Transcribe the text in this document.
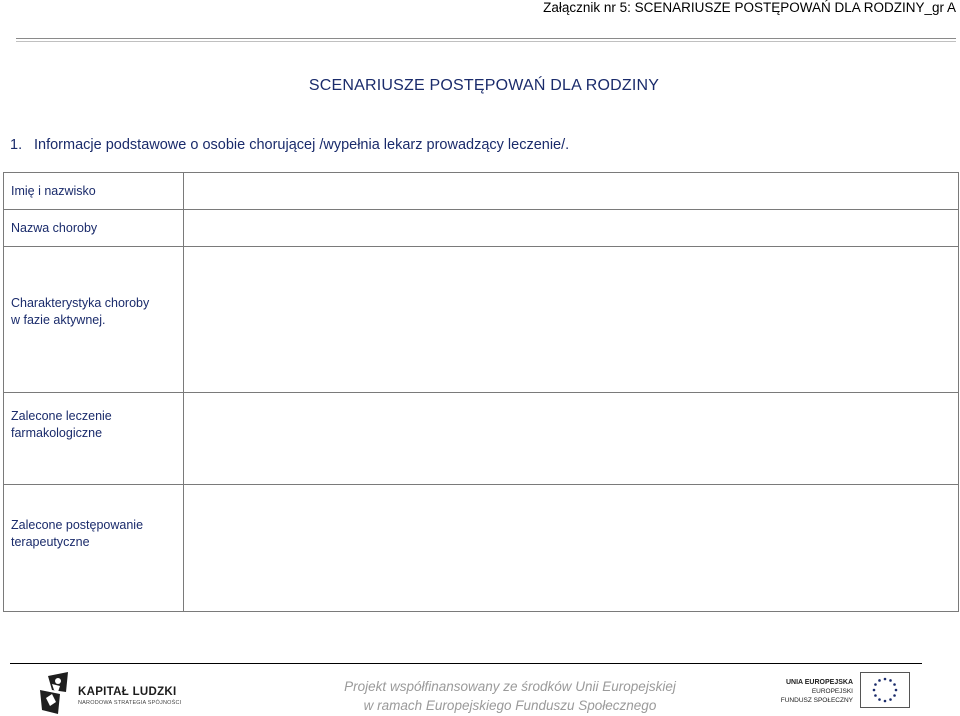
Załącznik nr 5: SCENARIUSZE POSTĘPOWAŃ DLA RODZINY_gr A
SCENARIUSZE POSTĘPOWAŃ DLA RODZINY
1. Informacje podstawowe o osobie chorującej /wypełnia lekarz prowadzący leczenie/.
Imię i nazwisko	
Nazwa choroby	

Charakterystyka choroby
w fazie aktywnej.	

Zalecone leczenie
farmakologiczne	

Zalecone postępowanie
terapeutyczne	

KAPITAŁ LUDZKI
NARODOWA STRATEGIA SPÓJNOŚCI
Projekt współfinansowany ze środków Unii Europejskiej
w ramach Europejskiego Funduszu Społecznego
UNIA EUROPEJSKA
EUROPEJSKI
FUNDUSZ SPOŁECZNY
